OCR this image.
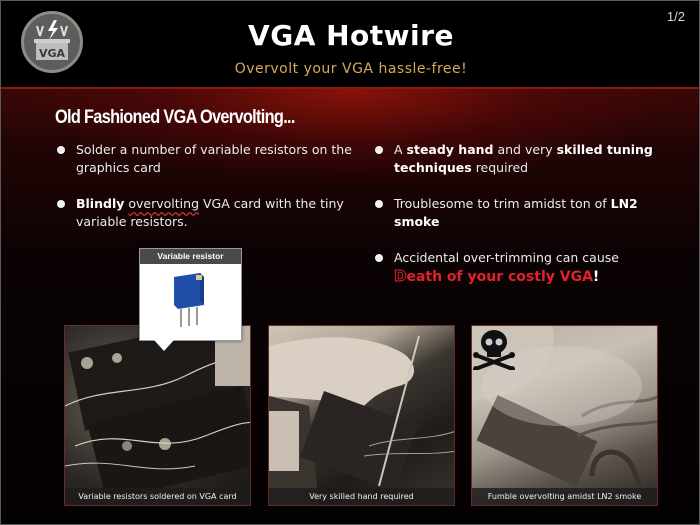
VGA
VGA Hotwire
Overvolt your VGA hassle-free!
1/2
Old Fashioned VGA Overvolting...
Solder a number of variable resistors on the graphics card
Blindly overvolting VGA card with the tiny variable resistors.
A steady hand and very skilled tuning techniques required
Troublesome to trim amidst ton of LN2 smoke
Accidental over-trimming can cause
Death of your costly VGA!
Variable resistors soldered on VGA card	Very skilled hand required	Fumble overvolting amidst LN2 smoke
Variable resistor
